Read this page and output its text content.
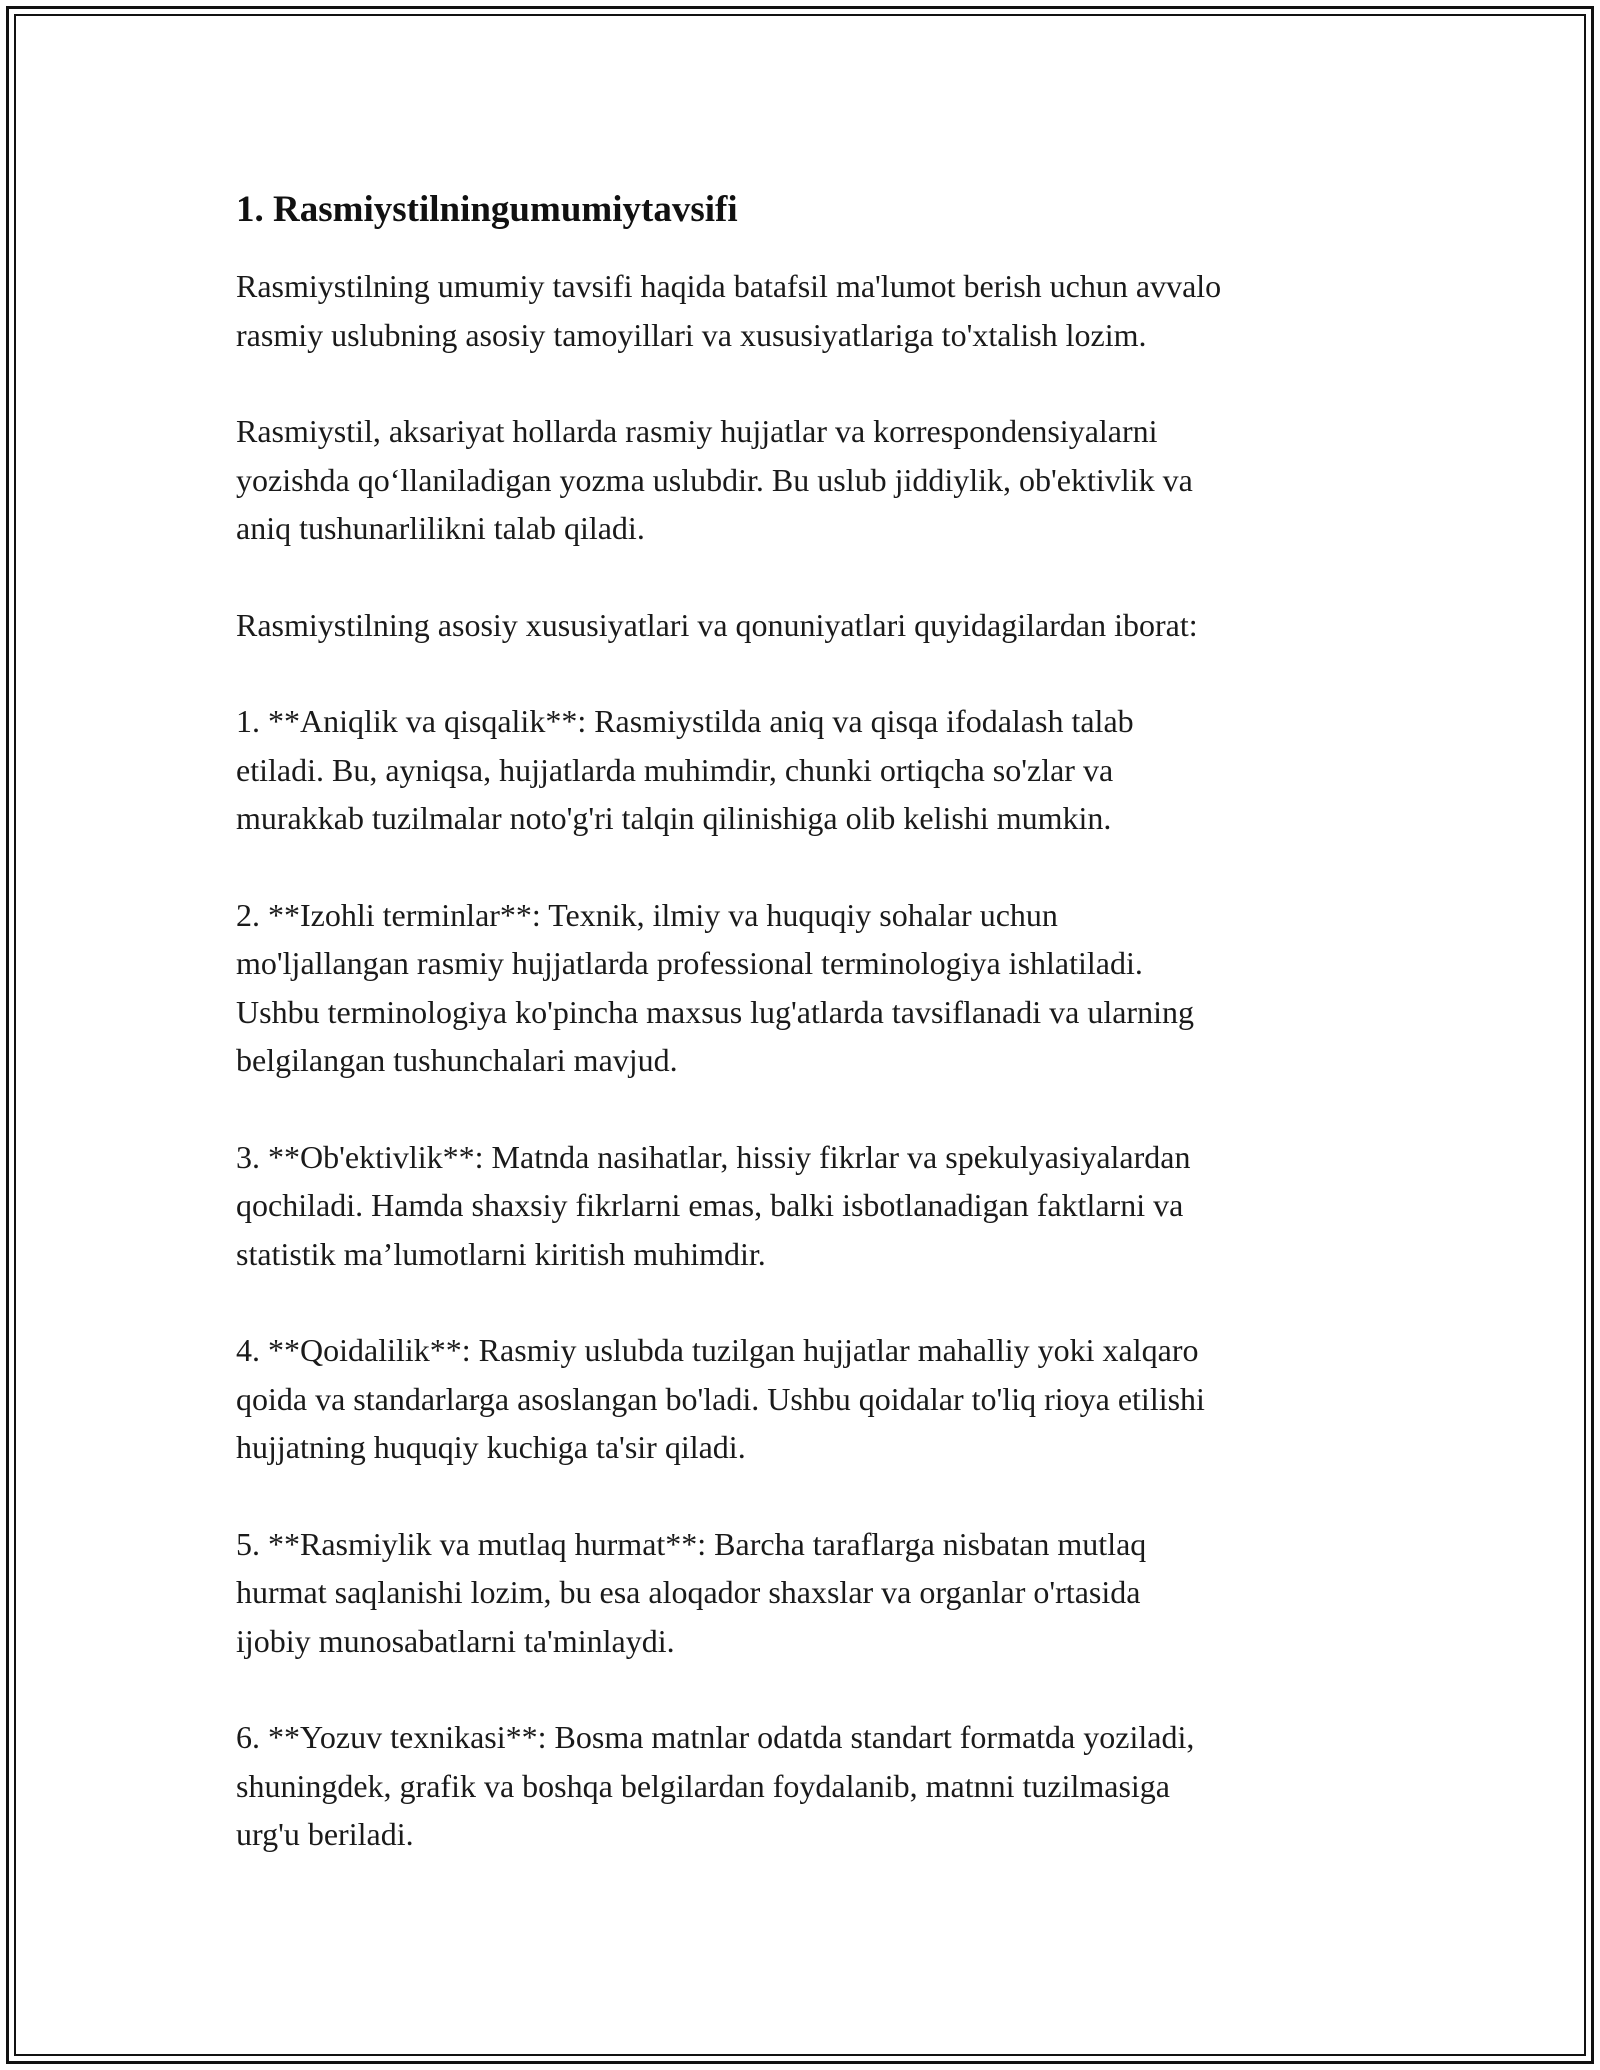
1. Rasmiystilningumumiytavsifi
Rasmiystilning umumiy tavsifi haqida batafsil ma'lumot berish uchun avvalo
rasmiy uslubning asosiy tamoyillari va xususiyatlariga to'xtalish lozim.
Rasmiystil, aksariyat hollarda rasmiy hujjatlar va korrespondensiyalarni
yozishda qo‘llaniladigan yozma uslubdir. Bu uslub jiddiylik, ob'ektivlik va
aniq tushunarlilikni talab qiladi.
Rasmiystilning asosiy xususiyatlari va qonuniyatlari quyidagilardan iborat:
1. **Aniqlik va qisqalik**: Rasmiystilda aniq va qisqa ifodalash talab
etiladi. Bu, ayniqsa, hujjatlarda muhimdir, chunki ortiqcha so'zlar va
murakkab tuzilmalar noto'g'ri talqin qilinishiga olib kelishi mumkin.
2. **Izohli terminlar**: Texnik, ilmiy va huquqiy sohalar uchun
mo'ljallangan rasmiy hujjatlarda professional terminologiya ishlatiladi.
Ushbu terminologiya ko'pincha maxsus lug'atlarda tavsiflanadi va ularning
belgilangan tushunchalari mavjud.
3. **Ob'ektivlik**: Matnda nasihatlar, hissiy fikrlar va spekulyasiyalardan
qochiladi. Hamda shaxsiy fikrlarni emas, balki isbotlanadigan faktlarni va
statistik ma’lumotlarni kiritish muhimdir.
4. **Qoidalilik**: Rasmiy uslubda tuzilgan hujjatlar mahalliy yoki xalqaro
qoida va standarlarga asoslangan bo'ladi. Ushbu qoidalar to'liq rioya etilishi
hujjatning huquqiy kuchiga ta'sir qiladi.
5. **Rasmiylik va mutlaq hurmat**: Barcha taraflarga nisbatan mutlaq
hurmat saqlanishi lozim, bu esa aloqador shaxslar va organlar o'rtasida
ijobiy munosabatlarni ta'minlaydi.
6. **Yozuv texnikasi**: Bosma matnlar odatda standart formatda yoziladi,
shuningdek, grafik va boshqa belgilardan foydalanib, matnni tuzilmasiga
urg'u beriladi.
